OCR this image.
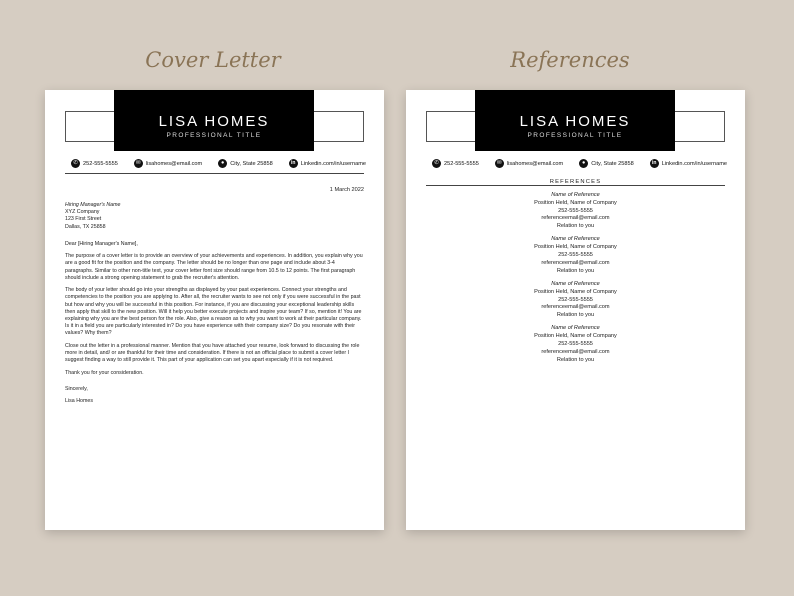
Cover Letter	References
LISA HOMES
PROFESSIONAL TITLE
✆ 252-555-5555	✉ lisahomes@email.com	●	City, State 25858	in Linkedin.com/in/username
1 March 2022

Hiring Manager's Name
XYZ Company
123 First Street
Dallas, TX 25858

Dear [Hiring Manager's Name],

The purpose of a cover letter is to provide an overview of your achievements and experiences. In addition, you explain why you are a good fit for the position and the company. The letter should be no longer than one page and include about 3-4 paragraphs. Similar to other non-title text, your cover letter font size should range from 10.5 to 12 points. The first paragraph should include a strong opening statement to grab the recruiter's attention.

The body of your letter should go into your strengths as displayed by your past experiences. Connect your strengths and competencies to the position you are applying to. After all, the recruiter wants to see not only if you were successful in the past but how and why you will be successful in this position. For instance, if you are discussing your exceptional leadership skills then apply that skill to the new position. Will it help you better execute projects and inspire your team? If so, mention it! You are explaining why you are the best person for the role. Also, give a reason as to why you want to work at their particular company. Is it in a field you are particularly interested in? Do you have experience with their company size? Do you resonate with their values? Why them?

Close out the letter in a professional manner. Mention that you have attached your resume, look forward to discussing the role more in detail, and/ or are thankful for their time and consideration. If there is not an official place to submit a cover letter I suggest finding a way to still provide it. This part of your application can set you apart especially if it is not required.

Thank you for your consideration.

Sincerely,

Lisa Homes

LISA HOMES
PROFESSIONAL TITLE
✆ 252-555-5555	✉ lisahomes@email.com	●	City, State 25858	in Linkedin.com/in/username
REFERENCES
Name of Reference
Position Held, Name of Company
252-555-5555
referenceemail@email.com
Relation to you
Name of Reference
Position Held, Name of Company
252-555-5555
referenceemail@email.com
Relation to you
Name of Reference
Position Held, Name of Company
252-555-5555
referenceemail@email.com
Relation to you
Name of Reference
Position Held, Name of Company
252-555-5555
referenceemail@email.com
Relation to you
